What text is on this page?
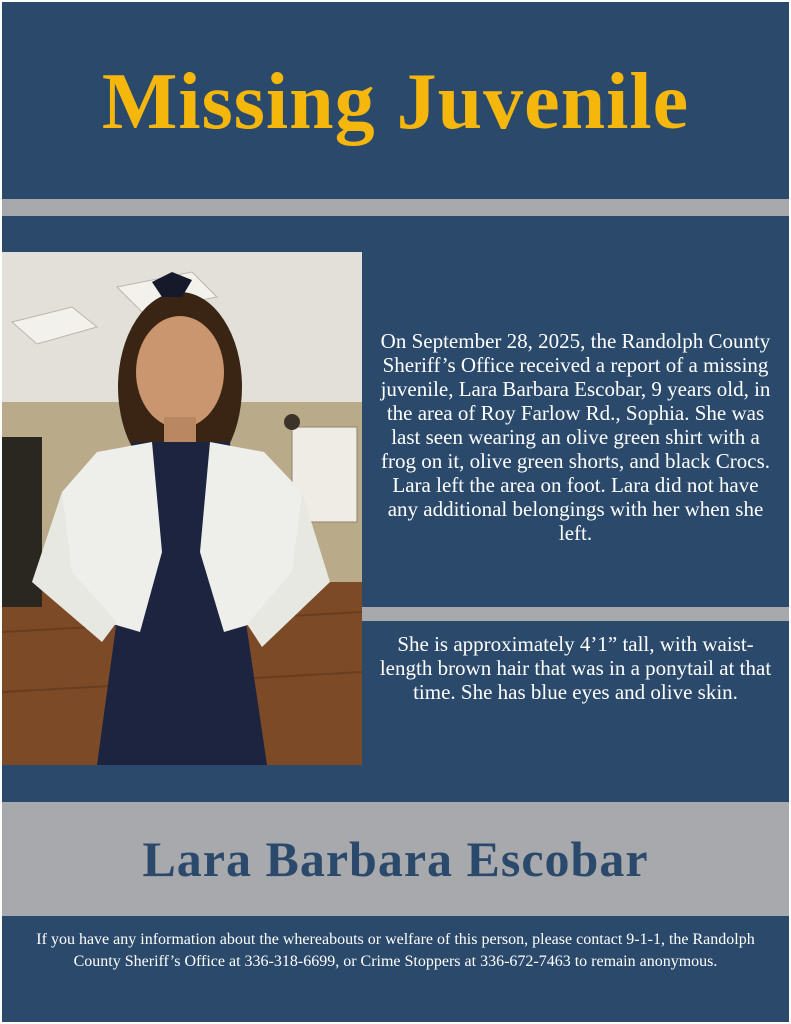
Missing Juvenile

On September 28, 2025, the Randolph County Sheriff’s Office received a report of a missing juvenile, Lara Barbara Escobar, 9 years old, in the area of Roy Farlow Rd., Sophia. She was last seen wearing an olive green shirt with a frog on it, olive green shorts, and black Crocs. Lara left the area on foot. Lara did not have any additional belongings with her when she left.

She is approximately 4’1” tall, with waist-length brown hair that was in a ponytail at that time. She has blue eyes and olive skin.

Lara Barbara Escobar
If you have any information about the whereabouts or welfare of this person, please contact 9-1-1, the Randolph County Sheriff’s Office at 336-318-6699, or Crime Stoppers at 336-672-7463 to remain anonymous.
